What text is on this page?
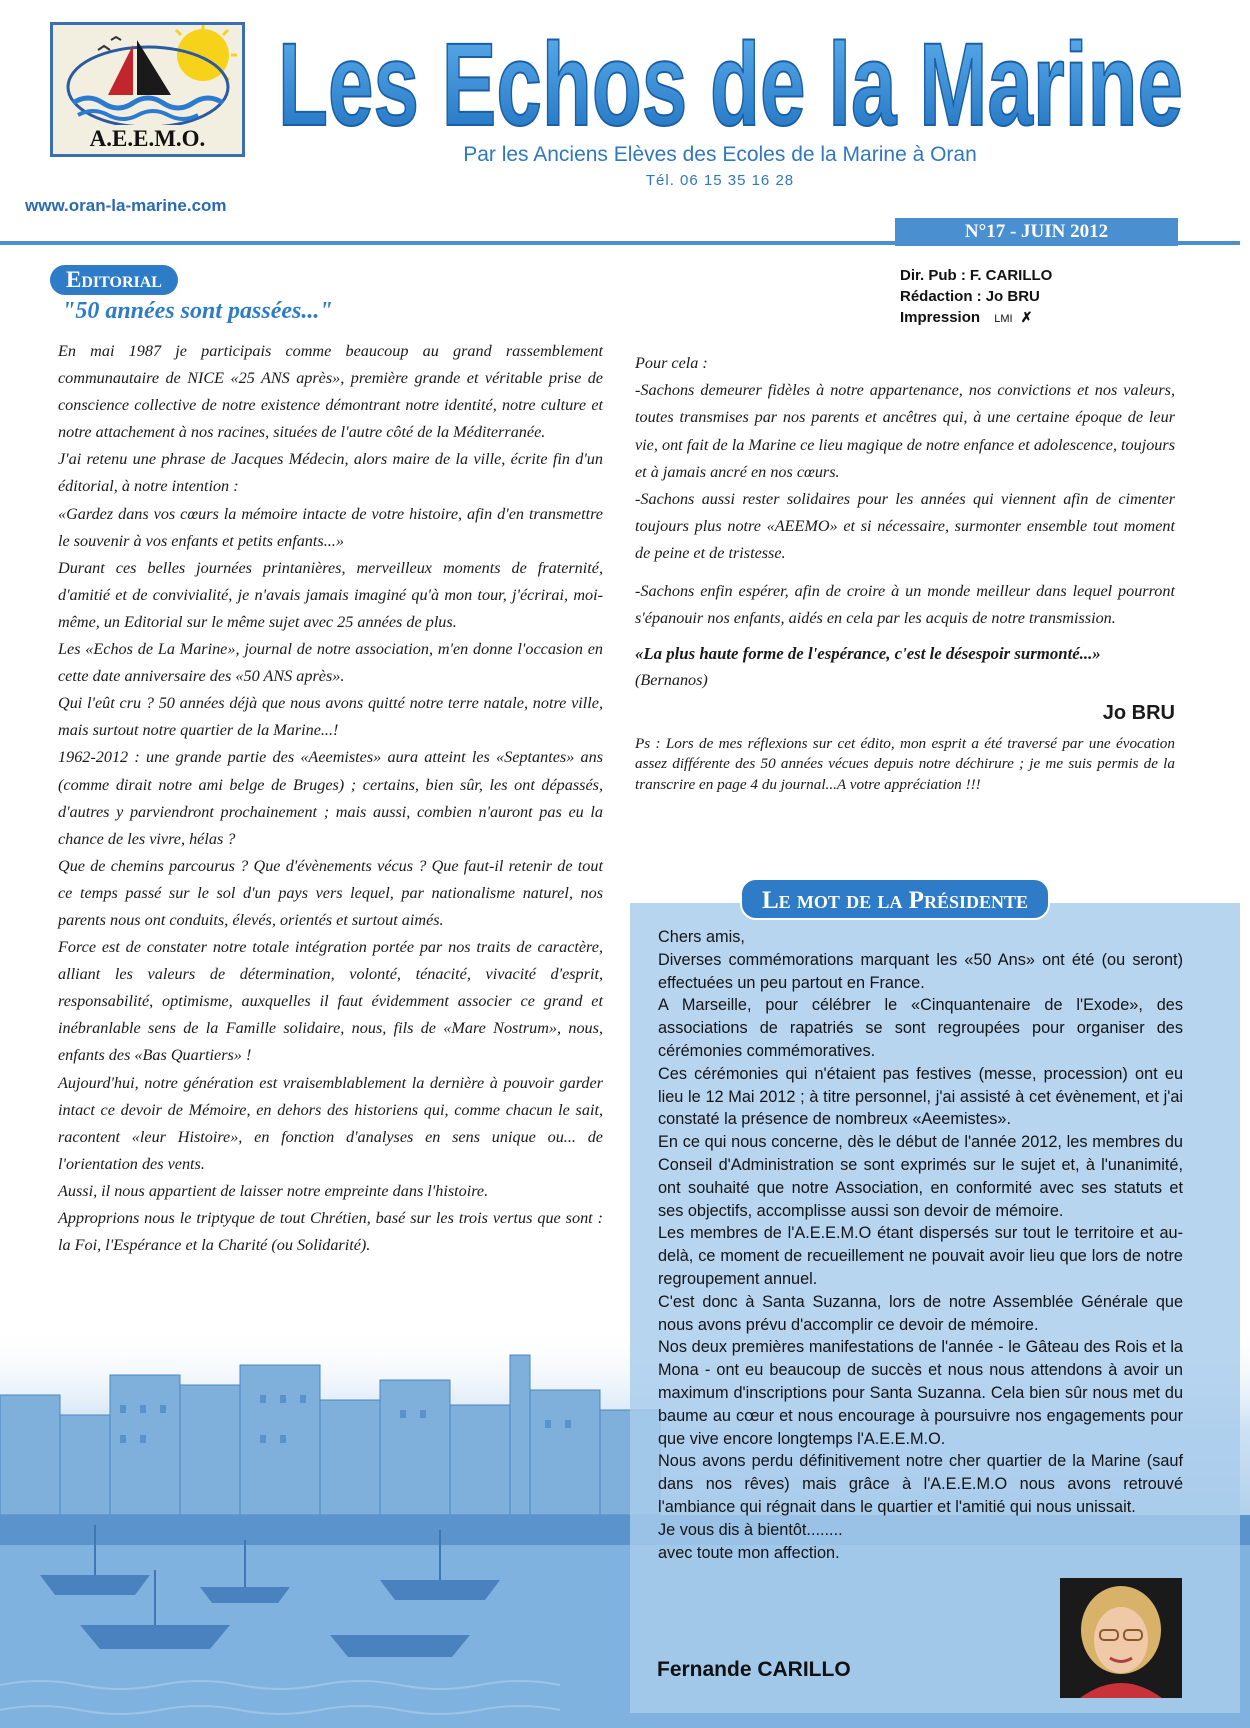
A.E.E.M.O. Les Echos de la Marine
Par les Anciens Elèves des Ecoles de la Marine à Oran
Tél. 06 15 35 16 28
www.oran-la-marine.com
N°17 - JUIN 2012
Dir. Pub : F. CARILLO
Rédaction : Jo BRU
Impression LMI ✗
Editorial
"50 années sont passées..."

En mai 1987 je participais comme beaucoup au grand rassemblement communautaire de NICE «25 ANS après», première grande et véritable prise de conscience collective de notre existence démontrant notre identité, notre culture et notre attachement à nos racines, situées de l'autre côté de la Méditerranée.

J'ai retenu une phrase de Jacques Médecin, alors maire de la ville, écrite fin d'un éditorial, à notre intention :

«Gardez dans vos cœurs la mémoire intacte de votre histoire, afin d'en transmettre le souvenir à vos enfants et petits enfants...»

Durant ces belles journées printanières, merveilleux moments de fraternité, d'amitié et de convivialité, je n'avais jamais imaginé qu'à mon tour, j'écrirai, moi-même, un Editorial sur le même sujet avec 25 années de plus.

Les «Echos de La Marine», journal de notre association, m'en donne l'occasion en cette date anniversaire des «50 ANS après».

Qui l'eût cru ? 50 années déjà que nous avons quitté notre terre natale, notre ville, mais surtout notre quartier de la Marine...!

1962-2012 : une grande partie des «Aeemistes» aura atteint les «Septantes» ans (comme dirait notre ami belge de Bruges) ; certains, bien sûr, les ont dépassés, d'autres y parviendront prochainement ; mais aussi, combien n'auront pas eu la chance de les vivre, hélas ?

Que de chemins parcourus ? Que d'évènements vécus ? Que faut-il retenir de tout ce temps passé sur le sol d'un pays vers lequel, par nationalisme naturel, nos parents nous ont conduits, élevés, orientés et surtout aimés.

Force est de constater notre totale intégration portée par nos traits de caractère, alliant les valeurs de détermination, volonté, ténacité, vivacité d'esprit, responsabilité, optimisme, auxquelles il faut évidemment associer ce grand et inébranlable sens de la Famille solidaire, nous, fils de «Mare Nostrum», nous, enfants des «Bas Quartiers» !

Aujourd'hui, notre génération est vraisemblablement la dernière à pouvoir garder intact ce devoir de Mémoire, en dehors des historiens qui, comme chacun le sait, racontent «leur Histoire», en fonction d'analyses en sens unique ou... de l'orientation des vents.

Aussi, il nous appartient de laisser notre empreinte dans l'histoire.

Approprions nous le triptyque de tout Chrétien, basé sur les trois vertus que sont : la Foi, l'Espérance et la Charité (ou Solidarité).

Pour cela :

-Sachons demeurer fidèles à notre appartenance, nos convictions et nos valeurs, toutes transmises par nos parents et ancêtres qui, à une certaine époque de leur vie, ont fait de la Marine ce lieu magique de notre enfance et adolescence, toujours et à jamais ancré en nos cœurs.

-Sachons aussi rester solidaires pour les années qui viennent afin de cimenter toujours plus notre «AEEMO» et si nécessaire, surmonter ensemble tout moment de peine et de tristesse.

-Sachons enfin espérer, afin de croire à un monde meilleur dans lequel pourront s'épanouir nos enfants, aidés en cela par les acquis de notre transmission.

«La plus haute forme de l'espérance, c'est le désespoir surmonté...»

(Bernanos)

Jo BRU

Ps : Lors de mes réflexions sur cet édito, mon esprit a été traversé par une évocation assez différente des 50 années vécues depuis notre déchirure ; je me suis permis de la transcrire en page 4 du journal...A votre appréciation !!!

Le mot de la Présidente

Chers amis,

Diverses commémorations marquant les «50 Ans» ont été (ou seront) effectuées un peu partout en France.

A Marseille, pour célébrer le «Cinquantenaire de l'Exode», des associations de rapatriés se sont regroupées pour organiser des cérémonies commémoratives.

Ces cérémonies qui n'étaient pas festives (messe, procession) ont eu lieu le 12 Mai 2012 ; à titre personnel, j'ai assisté à cet évènement, et j'ai constaté la présence de nombreux «Aeemistes».

En ce qui nous concerne, dès le début de l'année 2012, les membres du Conseil d'Administration se sont exprimés sur le sujet et, à l'unanimité, ont souhaité que notre Association, en conformité avec ses statuts et ses objectifs, accomplisse aussi son devoir de mémoire.

Les membres de l'A.E.E.M.O étant dispersés sur tout le territoire et au-delà, ce moment de recueillement ne pouvait avoir lieu que lors de notre regroupement annuel.

C'est donc à Santa Suzanna, lors de notre Assemblée Générale que nous avons prévu d'accomplir ce devoir de mémoire.

Nos deux premières manifestations de l'année - le Gâteau des Rois et la Mona - ont eu beaucoup de succès et nous nous attendons à avoir un maximum d'inscriptions pour Santa Suzanna. Cela bien sûr nous met du baume au cœur et nous encourage à poursuivre nos engagements pour que vive encore longtemps l'A.E.E.M.O.

Nous avons perdu définitivement notre cher quartier de la Marine (sauf dans nos rêves) mais grâce à l'A.E.E.M.O nous avons retrouvé l'ambiance qui régnait dans le quartier et l'amitié qui nous unissait.

Je vous dis à bientôt........

avec toute mon affection.

Fernande CARILLO
